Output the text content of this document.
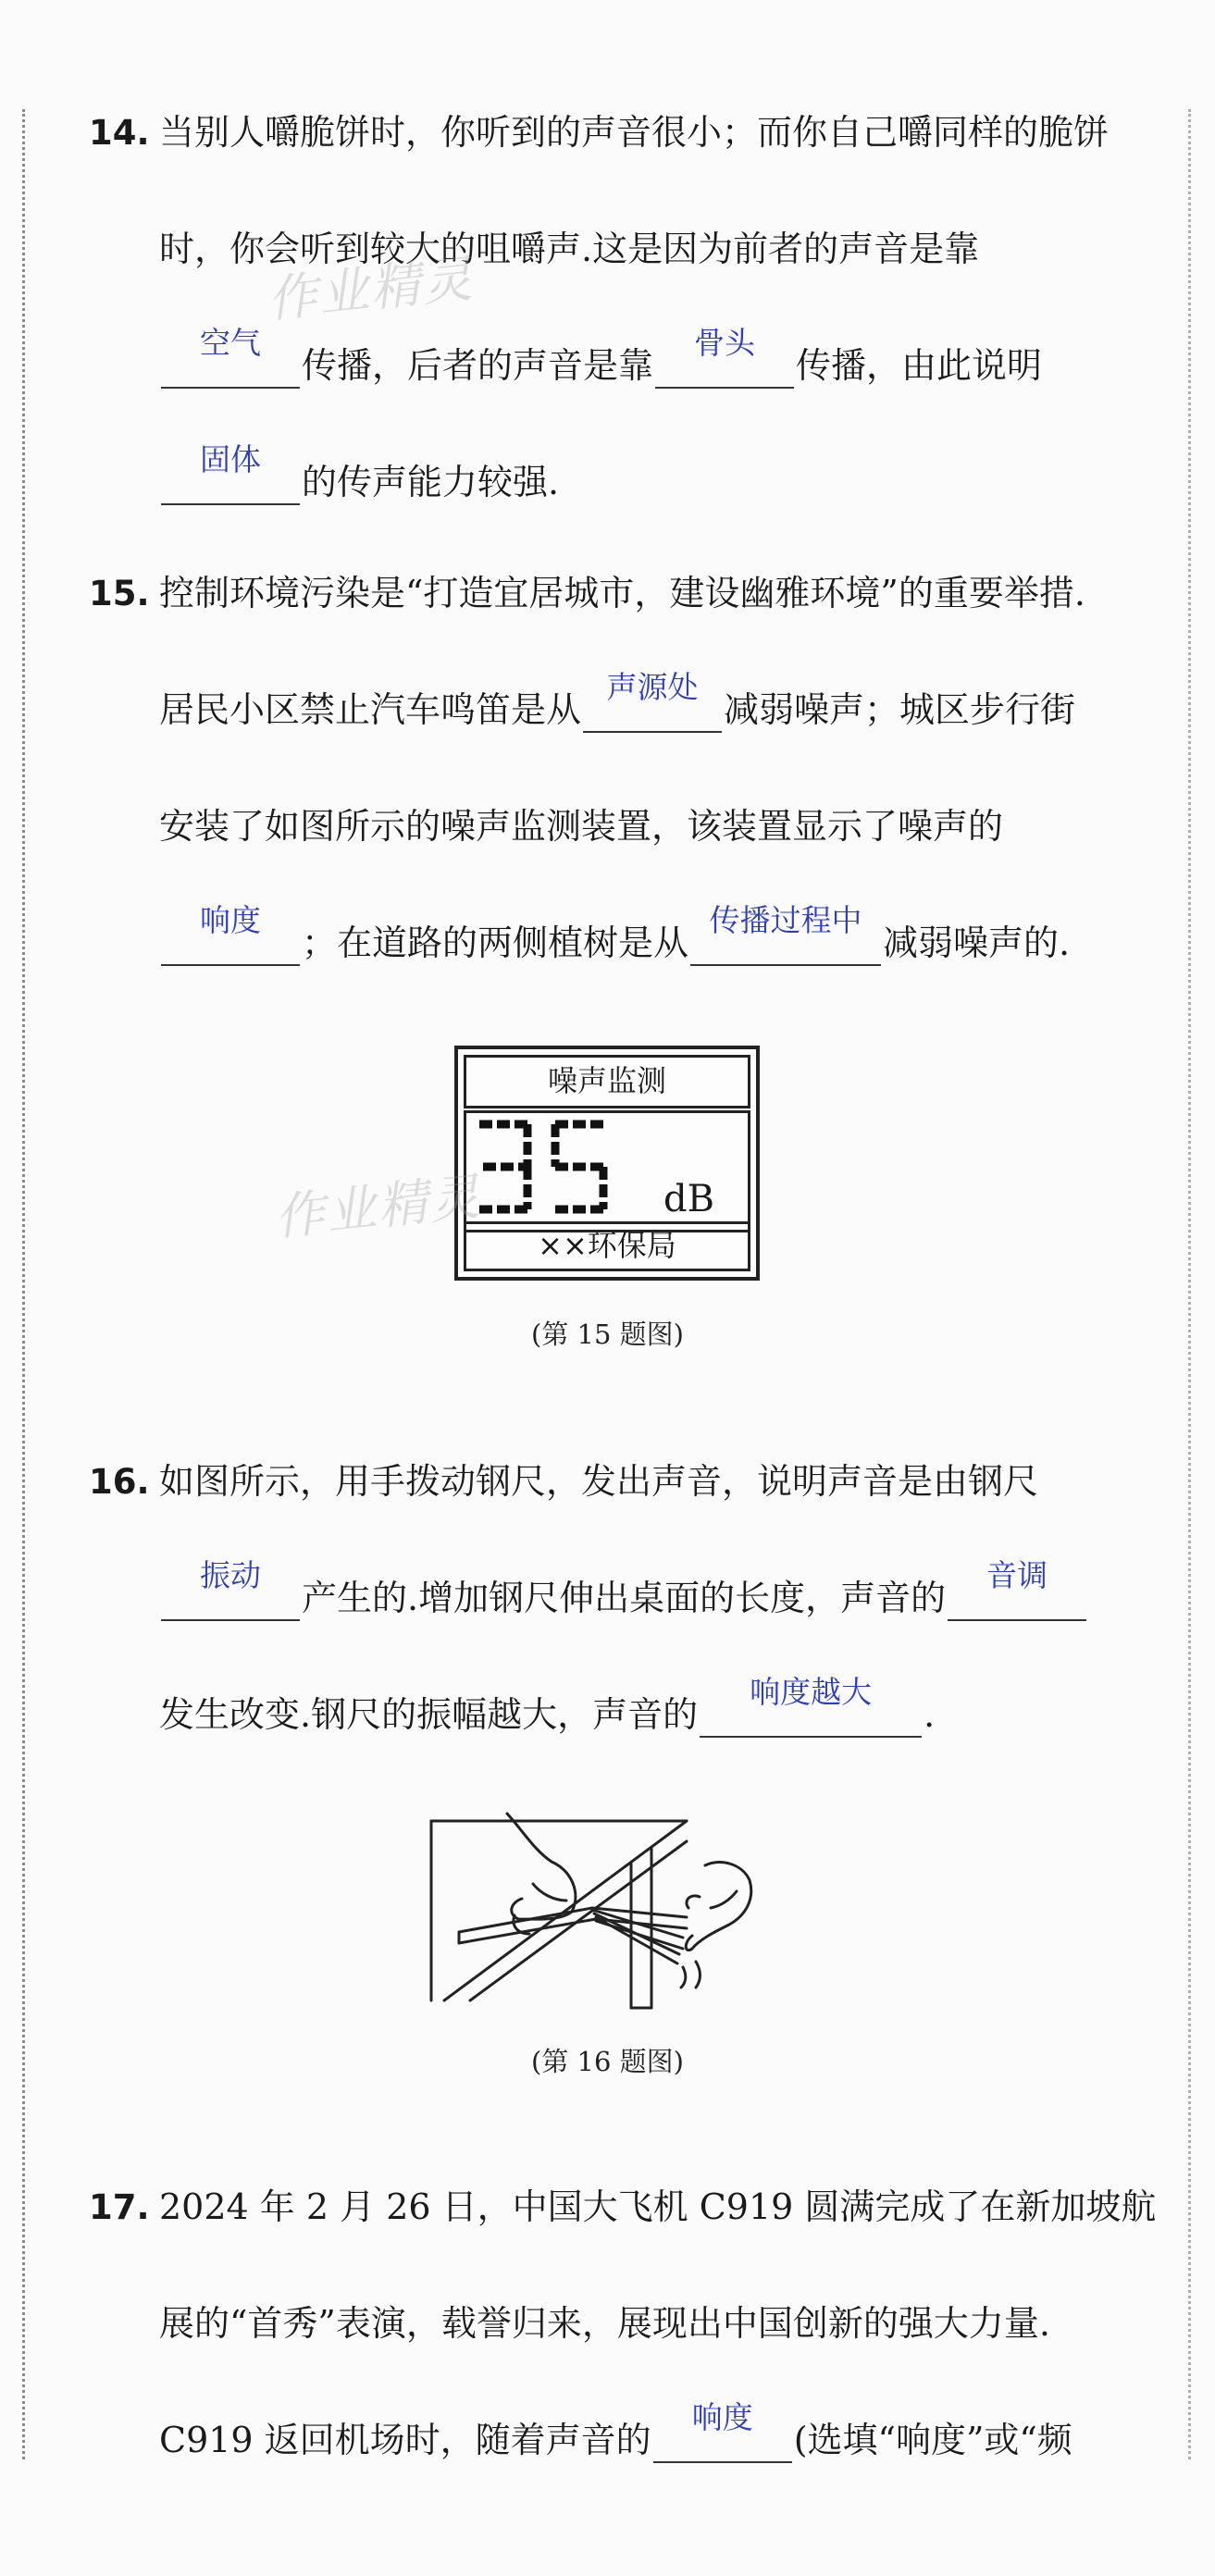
14. 当别人嚼脆饼时，你听到的声音很小；而你自己嚼同样的脆饼
时，你会听到较大的咀嚼声.这是因为前者的声音是靠
空气
传播，后者的声音是靠
骨头
传播，由此说明
固体
的传声能力较强.
作业精灵
15. 控制环境污染是“打造宜居城市，建设幽雅环境”的重要举措.
居民小区禁止汽车鸣笛是从
声源处
减弱噪声；城区步行街
安装了如图所示的噪声监测装置，该装置显示了噪声的
响度
；在道路的两侧植树是从
传播过程中
减弱噪声的.
噪声监测
dB
××环保局
作业精灵
(第 15 题图)
16. 如图所示，用手拨动钢尺，发出声音，说明声音是由钢尺
振动
产生的.增加钢尺伸出桌面的长度，声音的
音调
发生改变.钢尺的振幅越大，声音的
响度越大
.
(第 16 题图)
17. 2024 年 2 月 26 日，中国大飞机 C919 圆满完成了在新加坡航
展的“首秀”表演，载誉归来，展现出中国创新的强大力量.
C919 返回机场时，随着声音的
响度
(选填“响度”或“频
